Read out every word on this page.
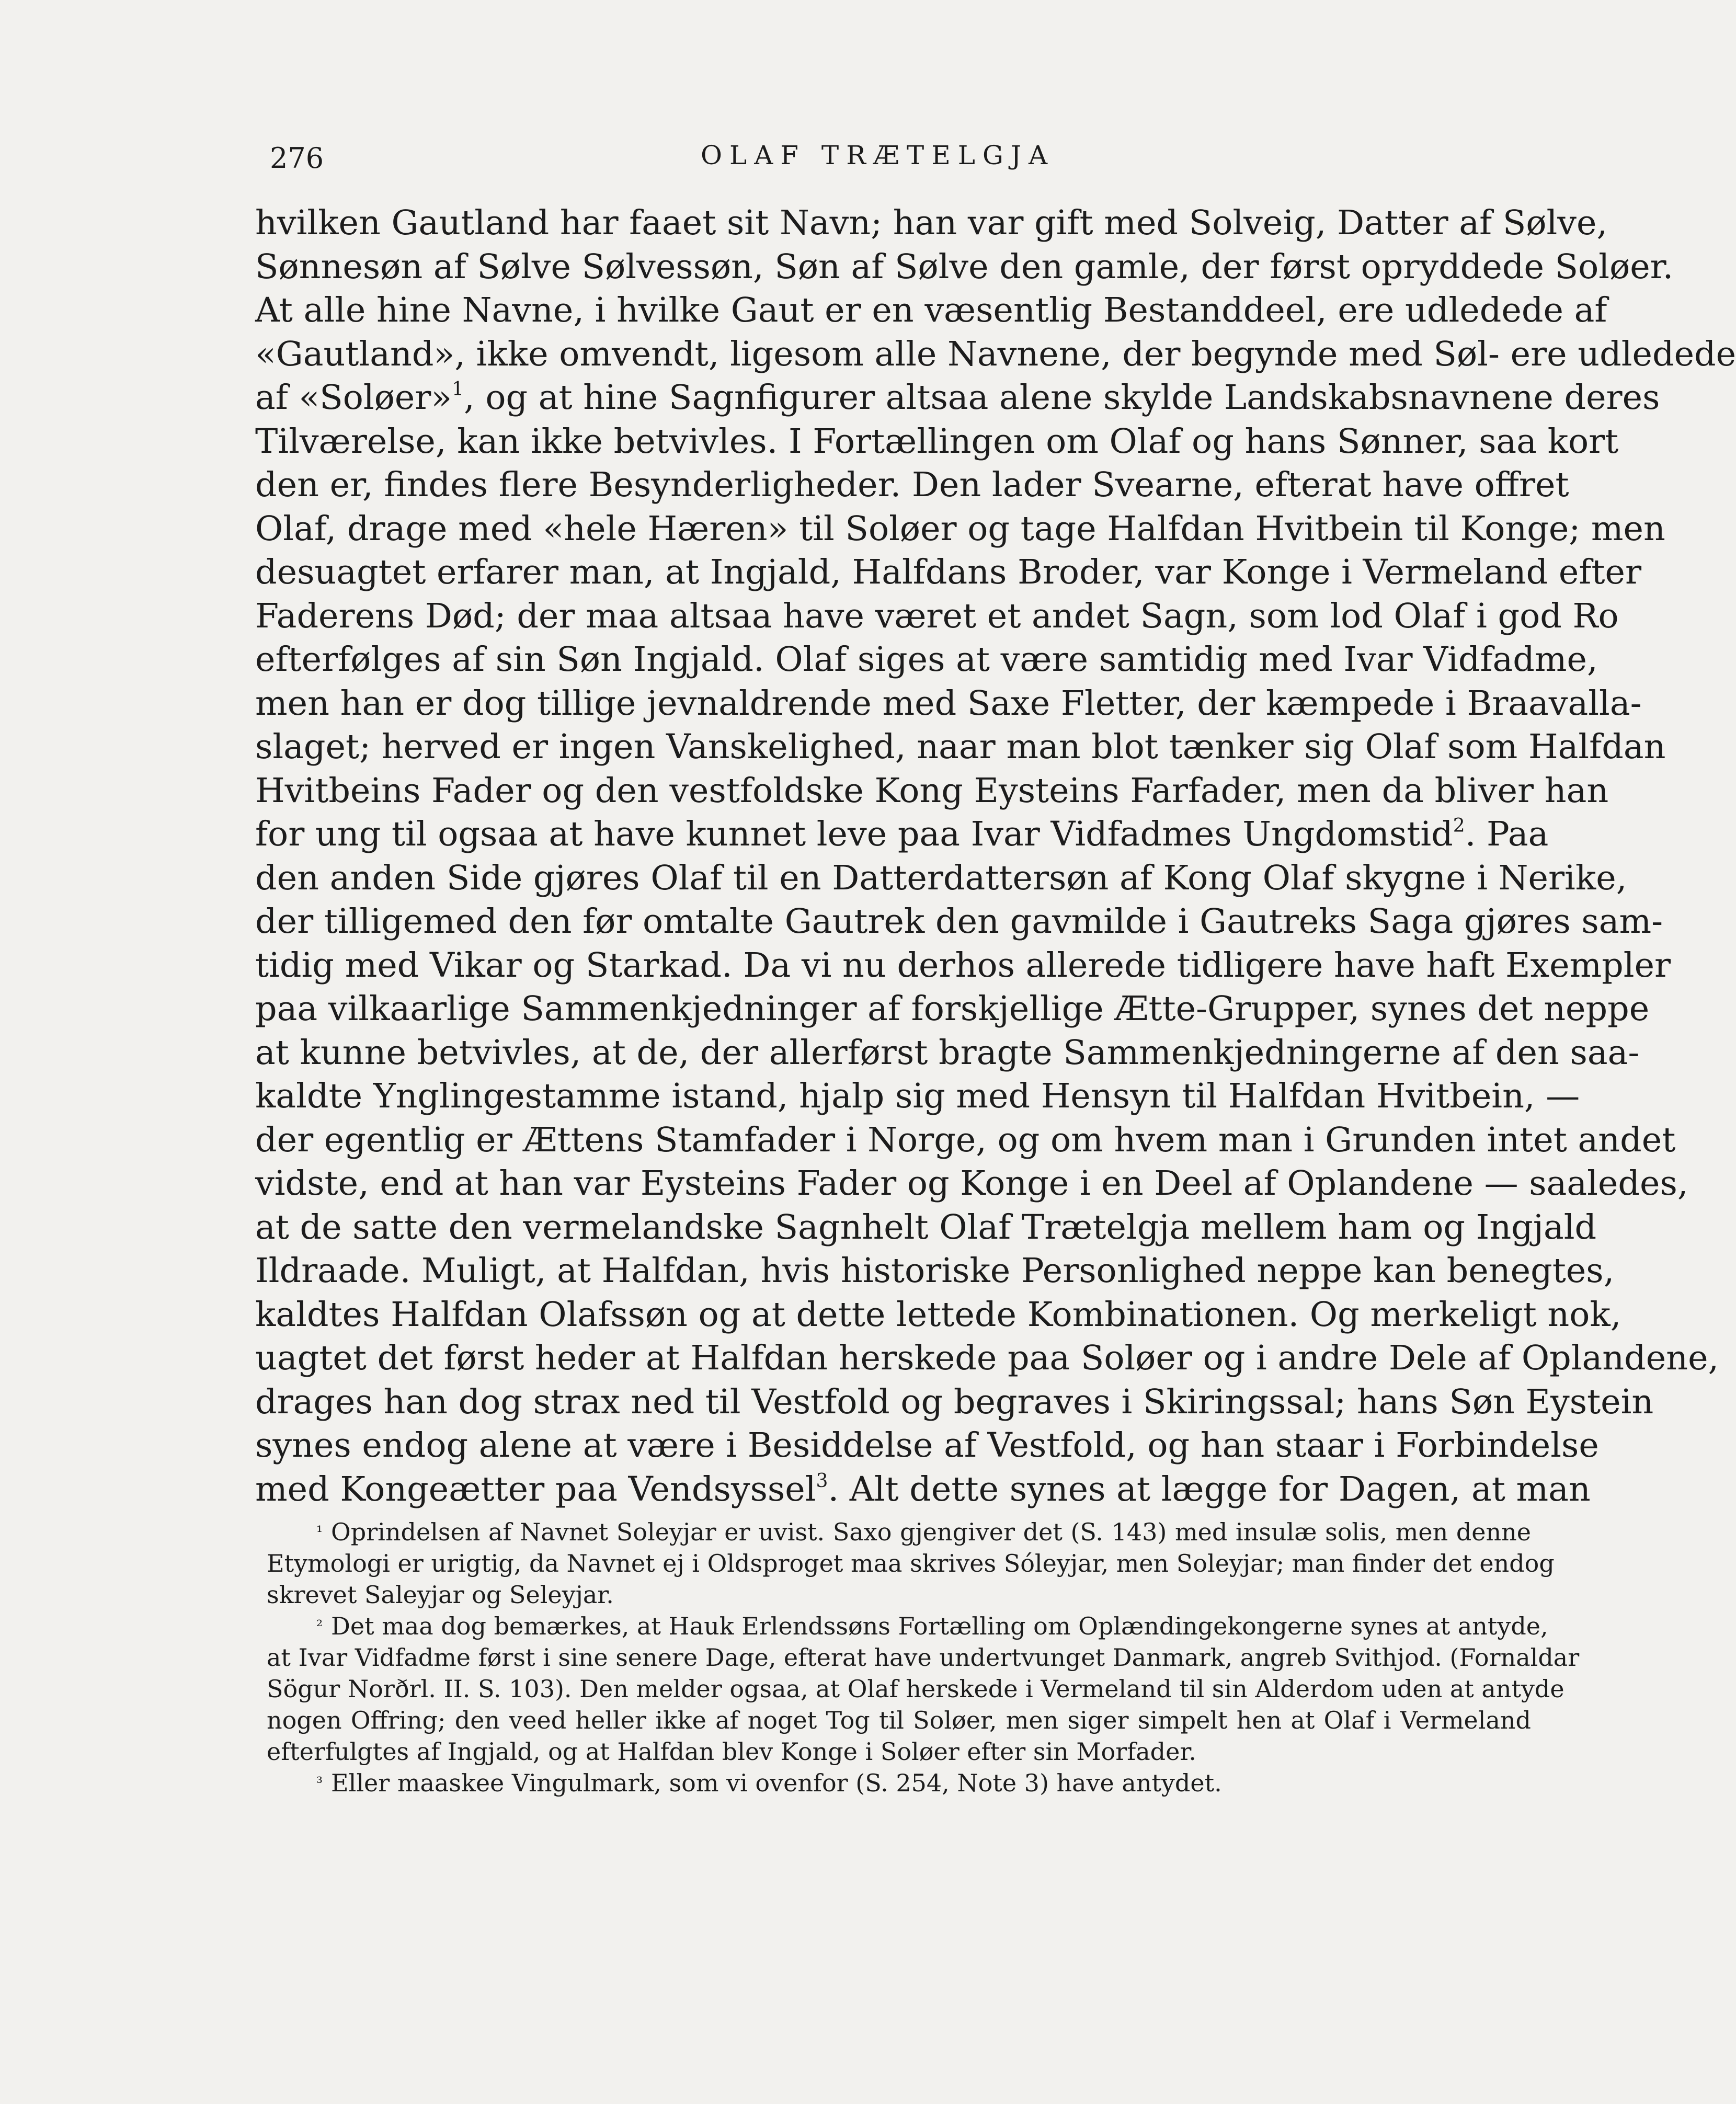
276	OLAF TRÆTELGJA
hvilken Gautland har faaet sit Navn; han var gift med Solveig, Datter af Sølve,
Sønnesøn af Sølve Sølvessøn, Søn af Sølve den gamle, der først opryddede Soløer.
At alle hine Navne, i hvilke Gaut er en væsentlig Bestanddeel, ere udledede af
«Gautland», ikke omvendt, ligesom alle Navnene, der begynde med Søl- ere udledede
af «Soløer»$^1$, og at hine Sagnfigurer altsaa alene skylde Landskabsnavnene deres
Tilværelse, kan ikke betvivles. I Fortællingen om Olaf og hans Sønner, saa kort
den er, findes flere Besynderligheder. Den lader Svearne, efterat have offret
Olaf, drage med «hele Hæren» til Soløer og tage Halfdan Hvitbein til Konge; men
desuagtet erfarer man, at Ingjald, Halfdans Broder, var Konge i Vermeland efter
Faderens Død; der maa altsaa have været et andet Sagn, som lod Olaf i god Ro
efterfølges af sin Søn Ingjald. Olaf siges at være samtidig med Ivar Vidfadme,
men han er dog tillige jevnaldrende med Saxe Fletter, der kæmpede i Braavalla-
slaget; herved er ingen Vanskelighed, naar man blot tænker sig Olaf som Halfdan
Hvitbeins Fader og den vestfoldske Kong Eysteins Farfader, men da bliver han
for ung til ogsaa at have kunnet leve paa Ivar Vidfadmes Ungdomstid$^2$. Paa
den anden Side gjøres Olaf til en Datterdattersøn af Kong Olaf skygne i Nerike,
der tilligemed den før omtalte Gautrek den gavmilde i Gautreks Saga gjøres sam-
tidig med Vikar og Starkad. Da vi nu derhos allerede tidligere have haft Exempler
paa vilkaarlige Sammenkjedninger af forskjellige Ætte-Grupper, synes det neppe
at kunne betvivles, at de, der allerførst bragte Sammenkjedningerne af den saa-
kaldte Ynglingestamme istand, hjalp sig med Hensyn til Halfdan Hvitbein, —
der egentlig er Ættens Stamfader i Norge, og om hvem man i Grunden intet andet
vidste, end at han var Eysteins Fader og Konge i en Deel af Oplandene — saaledes,
at de satte den vermelandske Sagnhelt Olaf Trætelgja mellem ham og Ingjald
Ildraade. Muligt, at Halfdan, hvis historiske Personlighed neppe kan benegtes,
kaldtes Halfdan Olafssøn og at dette lettede Kombinationen. Og merkeligt nok,
uagtet det først heder at Halfdan herskede paa Soløer og i andre Dele af Oplandene,
drages han dog strax ned til Vestfold og begraves i Skiringssal; hans Søn Eystein
synes endog alene at være i Besiddelse af Vestfold, og han staar i Forbindelse
med Kongeætter paa Vendsyssel$^3$. Alt dette synes at lægge for Dagen, at man
¹ Oprindelsen af Navnet Soleyjar er uvist. Saxo gjengiver det (S. 143) med insulæ solis, men denne
Etymologi er urigtig, da Navnet ej i Oldsproget maa skrives Sóleyjar, men Soleyjar; man finder det endog
skrevet Saleyjar og Seleyjar.
² Det maa dog bemærkes, at Hauk Erlendssøns Fortælling om Oplændingekongerne synes at antyde,
at Ivar Vidfadme først i sine senere Dage, efterat have undertvunget Danmark, angreb Svithjod. (Fornaldar
Sögur Norðrl. II. S. 103). Den melder ogsaa, at Olaf herskede i Vermeland til sin Alderdom uden at antyde
nogen Offring; den veed heller ikke af noget Tog til Soløer, men siger simpelt hen at Olaf i Vermeland
efterfulgtes af Ingjald, og at Halfdan blev Konge i Soløer efter sin Morfader.
³ Eller maaskee Vingulmark, som vi ovenfor (S. 254, Note 3) have antydet.
